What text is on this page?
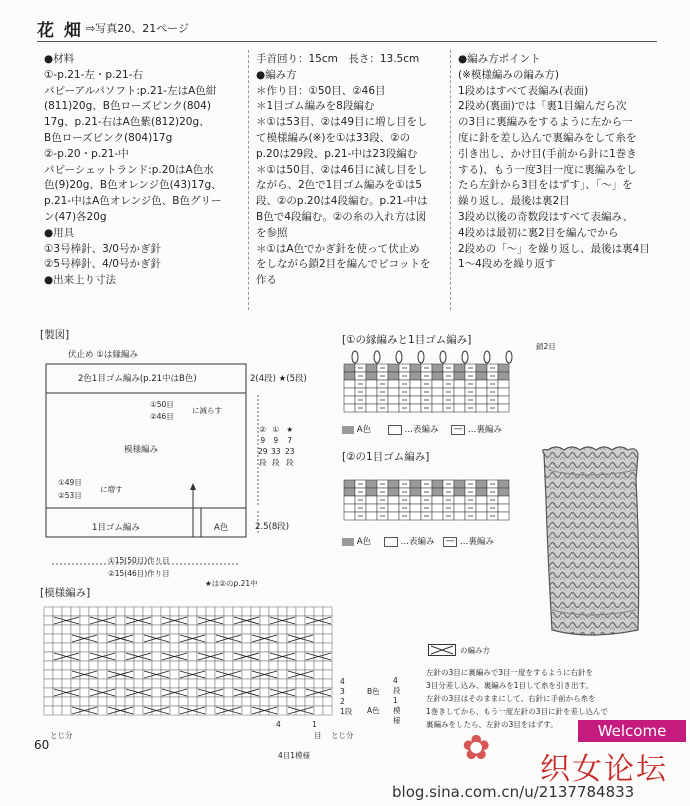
花 畑 ⇨写真20、21ページ
●材料
①-p.21-左・p.21-右
パピーアルパソフト:p.21-左はA色紺
(811)20g、B色ローズピンク(804)
17g、p.21-右はA色紫(812)20g、
B色ローズピンク(804)17g
②-p.20・p.21-中
パピーシェットランド:p.20はA色水
色(9)20g、B色オレンジ色(43)17g、
p.21-中はA色オレンジ色、B色グリー
ン(47)各20g
●用具
①3号棒針、3/0号かぎ針
②5号棒針、4/0号かぎ針
●出来上り寸法
手首回り：15cm　長さ：13.5cm
●編み方
＊作り目：①50目、②46目
＊1目ゴム編みを8段編む
＊①は53目、②は49目に増し目をし
て模様編み(※)を①は33段、②の
p.20は29段、p.21-中は23段編む
＊①は50目、②は46目に減し目をし
ながら、2色で1目ゴム編みを①は5
段、②のp.20は4段編む。p.21-中は
B色で4段編む。②の糸の入れ方は図
を参照
＊①はA色でかぎ針を使って伏止め
をしながら鎖2目を編んでピコットを
作る
●編み方ポイント
(※模様編みの編み方)
1段めはすべて表編み(表面)
2段め(裏面)では「裏1目編んだら次
の3目に裏編みをするように左から一
度に針を差し込んで裏編みをして糸を
引き出し、かけ目(手前から針に1巻き
する)、もう一度3目一度に裏編みをし
たら左針から3目をはずす」、「〜」を
繰り返し、最後は裏2目
3段め以後の奇数段はすべて表編み、
4段めは最初に裏2目を編んでから
2段めの「〜」を繰り返し、最後は裏4目
1〜4段めを繰り返す
[製図]
伏止め ①は縁編み
2色1目ゴム編み(p.21中はB色)	2(4段) ★(5段)
①50目
②46目
に減らす
模様編み
②
9
29
段
①
9
33
段
★
7
23
段
①49目
②53目
に増す
1目ゴム編み	A色	2.5(8段)
①15(50目)作り目
②15(46目)作り目
[①の縁編みと1目ゴム編み]
鎖2目
A色	…表編み — …裏編み
[②の1目ゴム編み]
A色	…表編み — …裏編み
[模様編み]
★は②のp.21中
4
3
2
1段
B色
A色
4
段
1
模
様
とじ分	とじ分
4	1
目
4目1模様
の編み方
左針の3目に裏編みで3目一度をするように右針を
3目分差し込み、裏編みを1目して糸を引き出す。
左針の3目はそのままにして、右針に手前から糸を
1巻きしてから、もう一度左針の3目に針を差し込んで
裏編みをしたら、左針の3目をはずす。
60
Welcome
✿
织女论坛
blog.sina.com.cn/u/2137784833
